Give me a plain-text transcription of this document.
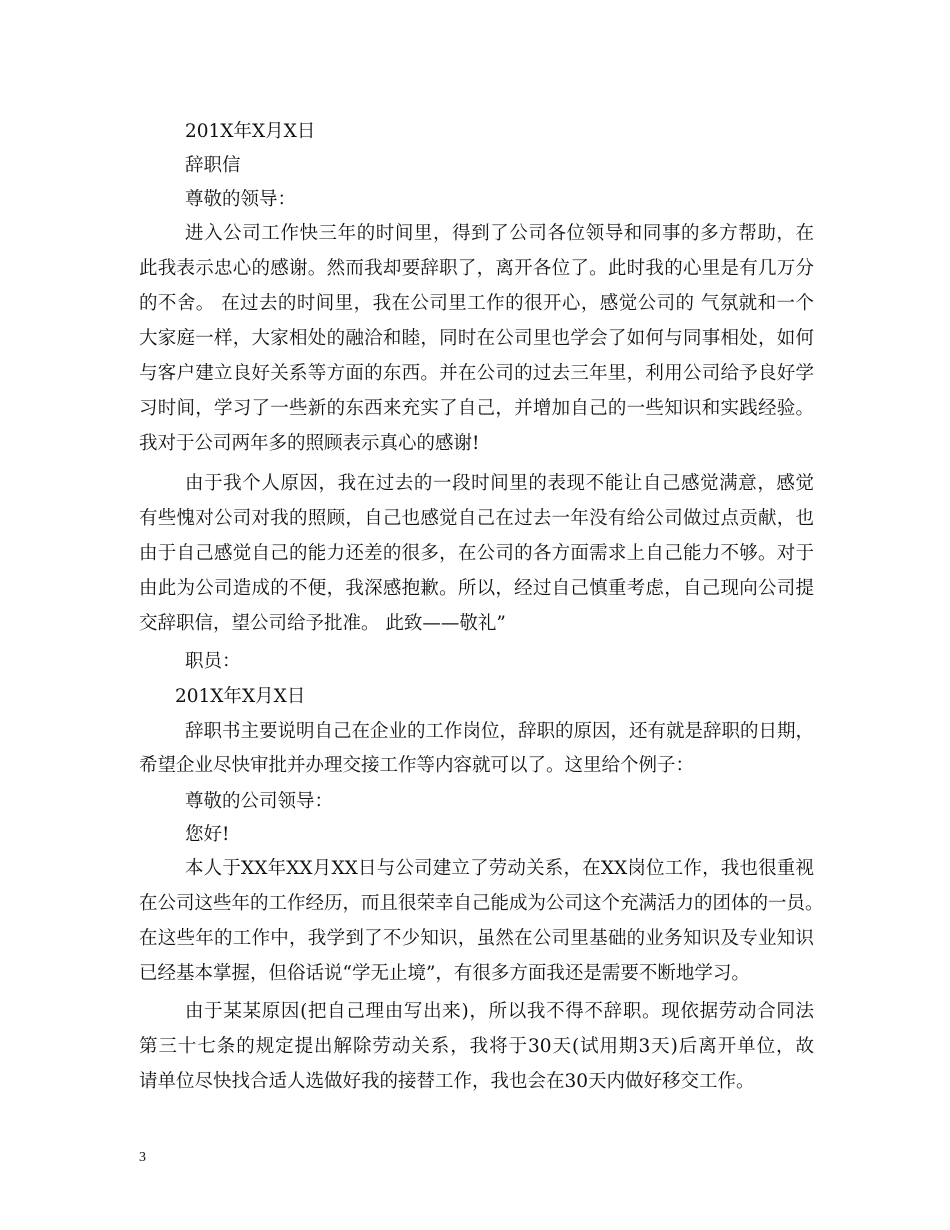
201X年X月X日

辞职信

尊敬的领导：

进入公司工作快三年的时间里，得到了公司各位领导和同事的多方帮助，在

此我表示忠心的感谢。然而我却要辞职了，离开各位了。此时我的心里是有几万分

的不舍。 在过去的时间里，我在公司里工作的很开心，感觉公司的 气氛就和一个

大家庭一样，大家相处的融洽和睦，同时在公司里也学会了如何与同事相处，如何

与客户建立良好关系等方面的东西。并在公司的过去三年里，利用公司给予良好学

习时间，学习了一些新的东西来充实了自己，并增加自己的一些知识和实践经验。

我对于公司两年多的照顾表示真心的感谢!

由于我个人原因，我在过去的一段时间里的表现不能让自己感觉满意，感觉

有些愧对公司对我的照顾，自己也感觉自己在过去一年没有给公司做过点贡献，也

由于自己感觉自己的能力还差的很多，在公司的各方面需求上自己能力不够。对于

由此为公司造成的不便，我深感抱歉。所以，经过自己慎重考虑，自己现向公司提

交辞职信，望公司给予批准。 此致——敬礼”

职员：

201X年X月X日

辞职书主要说明自己在企业的工作岗位，辞职的原因，还有就是辞职的日期，

希望企业尽快审批并办理交接工作等内容就可以了。这里给个例子：

尊敬的公司领导：

您好!

本人于XX年XX月XX日与公司建立了劳动关系，在XX岗位工作，我也很重视

在公司这些年的工作经历，而且很荣幸自己能成为公司这个充满活力的团体的一员。

在这些年的工作中，我学到了不少知识，虽然在公司里基础的业务知识及专业知识

已经基本掌握，但俗话说“学无止境”，有很多方面我还是需要不断地学习。

由于某某原因(把自己理由写出来)，所以我不得不辞职。现依据劳动合同法

第三十七条的规定提出解除劳动关系，我将于30天(试用期3天)后离开单位，故

请单位尽快找合适人选做好我的接替工作，我也会在30天内做好移交工作。

3
